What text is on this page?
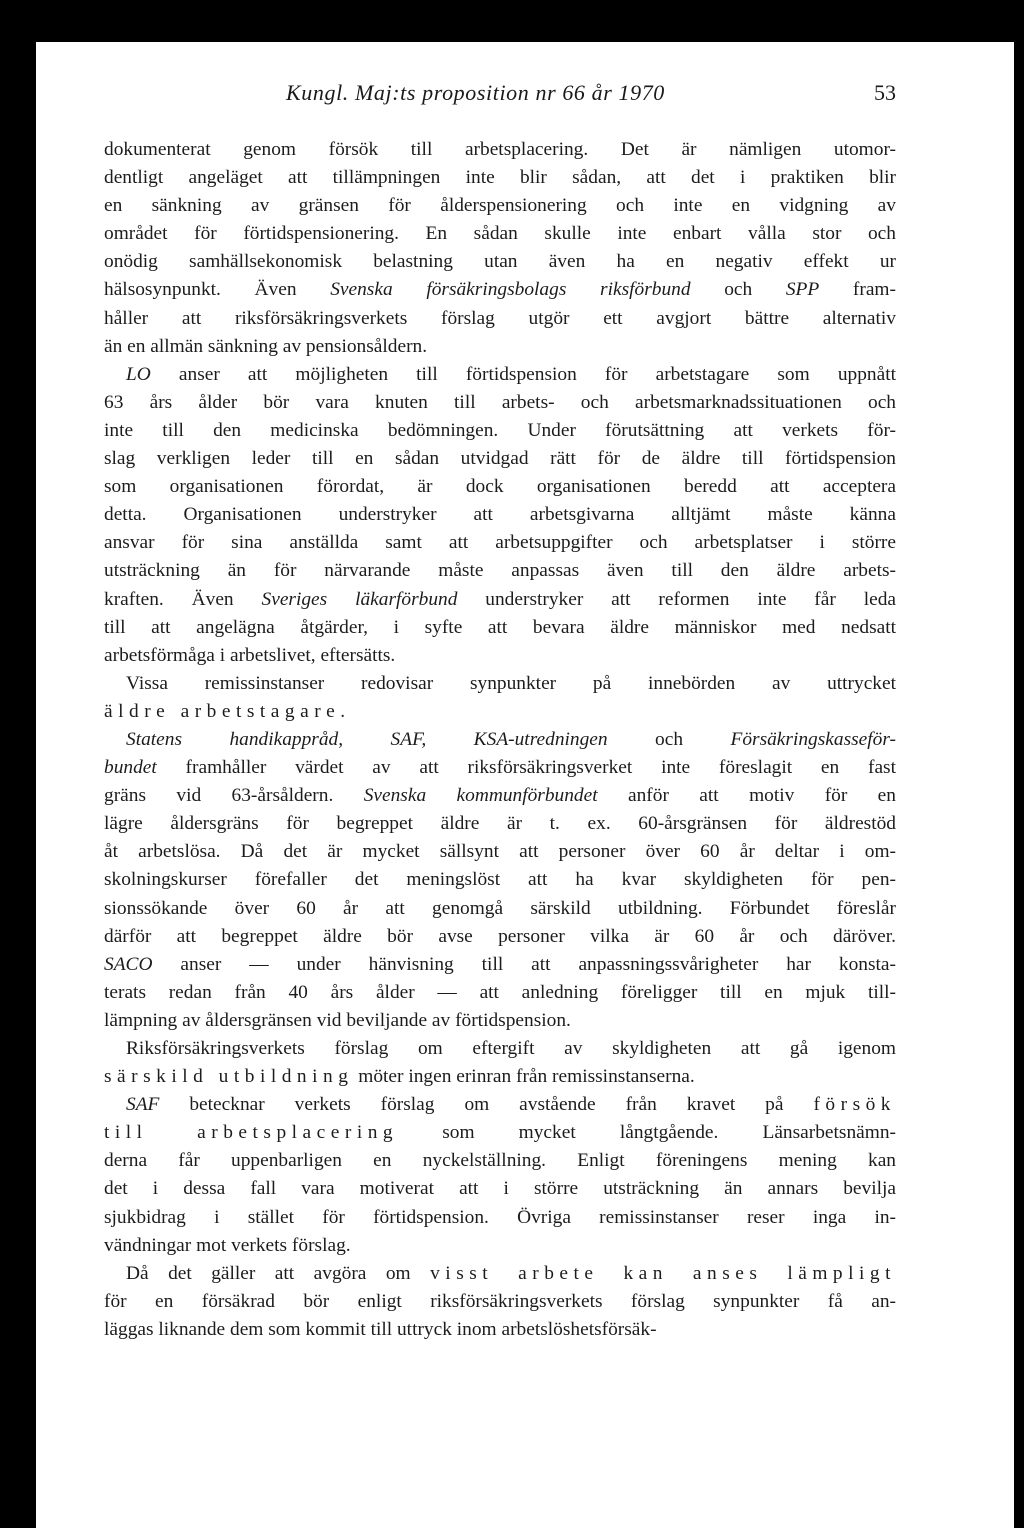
Kungl. Maj:ts proposition nr 66 år 1970	53
dokumenterat genom försök till arbetsplacering. Det är nämligen utomor-
dentligt angeläget att tillämpningen inte blir sådan, att det i praktiken blir
en sänkning av gränsen för ålderspensionering och inte en vidgning av
området för förtidspensionering. En sådan skulle inte enbart vålla stor och
onödig samhällsekonomisk belastning utan även ha en negativ effekt ur
hälsosynpunkt. Även Svenska försäkringsbolags riksförbund och SPP fram-
håller att riksförsäkringsverkets förslag utgör ett avgjort bättre alternativ
än en allmän sänkning av pensionsåldern.
LO anser att möjligheten till förtidspension för arbetstagare som uppnått
63 års ålder bör vara knuten till arbets- och arbetsmarknadssituationen och
inte till den medicinska bedömningen. Under förutsättning att verkets för-
slag verkligen leder till en sådan utvidgad rätt för de äldre till förtidspension
som organisationen förordat, är dock organisationen beredd att acceptera
detta. Organisationen understryker att arbetsgivarna alltjämt måste känna
ansvar för sina anställda samt att arbetsuppgifter och arbetsplatser i större
utsträckning än för närvarande måste anpassas även till den äldre arbets-
kraften. Även Sveriges läkarförbund understryker att reformen inte får leda
till att angelägna åtgärder, i syfte att bevara äldre människor med nedsatt
arbetsförmåga i arbetslivet, eftersätts.
Vissa remissinstanser redovisar synpunkter på innebörden av uttrycket
äldre arbetstagare.
Statens handikappråd, SAF, KSA-utredningen och Försäkringskasseför-
bundet framhåller värdet av att riksförsäkringsverket inte föreslagit en fast
gräns vid 63-årsåldern. Svenska kommunförbundet anför att motiv för en
lägre åldersgräns för begreppet äldre är t. ex. 60-årsgränsen för äldrestöd
åt arbetslösa. Då det är mycket sällsynt att personer över 60 år deltar i om-
skolningskurser förefaller det meningslöst att ha kvar skyldigheten för pen-
sionssökande över 60 år att genomgå särskild utbildning. Förbundet föreslår
därför att begreppet äldre bör avse personer vilka är 60 år och däröver.
SACO anser — under hänvisning till att anpassningssvårigheter har konsta-
terats redan från 40 års ålder — att anledning föreligger till en mjuk till-
lämpning av åldersgränsen vid beviljande av förtidspension.
Riksförsäkringsverkets förslag om eftergift av skyldigheten att gå igenom
särskild utbildning möter ingen erinran från remissinstanserna.
SAF betecknar verkets förslag om avstående från kravet på försök
till arbetsplacering som mycket långtgående. Länsarbetsnämn-
derna får uppenbarligen en nyckelställning. Enligt föreningens mening kan
det i dessa fall vara motiverat att i större utsträckning än annars bevilja
sjukbidrag i stället för förtidspension. Övriga remissinstanser reser inga in-
vändningar mot verkets förslag.
Då det gäller att avgöra om visst arbete kan anses lämpligt
för en försäkrad bör enligt riksförsäkringsverkets förslag synpunkter få an-
läggas liknande dem som kommit till uttryck inom arbetslöshetsförsäk-
